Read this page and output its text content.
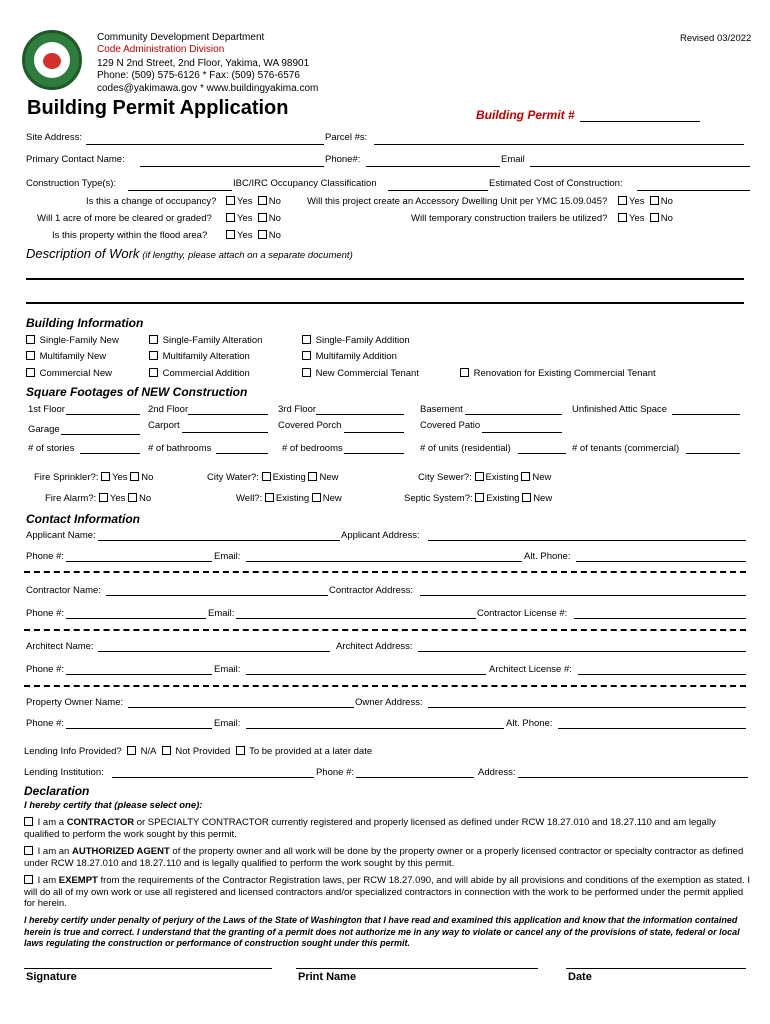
Community Development Department
Code Administration Division
129 N 2nd Street, 2nd Floor, Yakima, WA 98901
Phone: (509) 575-6126 * Fax: (509) 576-6576
codes@yakimawa.gov * www.buildingyakima.com
Revised 03/2022
Building Permit Application	Building Permit #
Site Address:	Parcel #s:
Primary Contact Name:	Phone#:	Email
Construction Type(s):	IBC/IRC Occupancy Classification	Estimated Cost of Construction:
Is this a change of occupancy?	Yes No	Will this project create an Accessory Dwelling Unit per YMC 15.09.045?	Yes No
Will 1 acre of more be cleared or graded?	Yes No	Will temporary construction trailers be utilized?	Yes No
Is this property within the flood area?	Yes No
Description of Work (if lengthy, please attach on a separate document)
Building Information
Single-Family New	Single-Family Alteration	Single-Family Addition
Multifamily New	Multifamily Alteration	Multifamily Addition
Commercial New	Commercial Addition	New Commercial Tenant	Renovation for Existing Commercial Tenant
Square Footages of NEW Construction
1st Floor	2nd Floor	3rd Floor	Basement	Unfinished Attic Space
Garage	Carport	Covered Porch	Covered Patio
# of stories	# of bathrooms	# of bedrooms	# of units (residential)	# of tenants (commercial)
Fire Sprinkler?: Yes No	City Water?: Existing New	City Sewer?: Existing New
Fire Alarm?: Yes No	Well?: Existing New	Septic System?: Existing New
Contact Information
Applicant Name:	Applicant Address:
Phone #:	Email:	Alt. Phone:
Contractor Name:	Contractor Address:
Phone #:	Email:	Contractor License #:
Architect Name:	Architect Address:
Phone #:	Email:	Architect License #:
Property Owner Name:	Owner Address:
Phone #:	Email:	Alt. Phone:
Lending Info Provided? N/A Not Provided To be provided at a later date
Lending Institution:	Phone #:	Address:
Declaration
I hereby certify that (please select one):
I am a CONTRACTOR or SPECIALTY CONTRACTOR currently registered and properly licensed as defined under RCW 18.27.010 and 18.27.110 and am legally qualified to perform the work sought by this permit.
I am an AUTHORIZED AGENT of the property owner and all work will be done by the property owner or a properly licensed contractor or specialty contractor as defined under RCW 18.27.010 and 18.27.110 and is legally qualified to perform the work sought by this permit.
I am EXEMPT from the requirements of the Contractor Registration laws, per RCW 18.27.090, and will abide by all provisions and conditions of the exemption as stated. I will do all of my own work or use all registered and licensed contractors and/or specialized contractors in connection with the work to be performed under the permit applied for herein.
I hereby certify under penalty of perjury of the Laws of the State of Washington that I have read and examined this application and know that the information contained herein is true and correct. I understand that the granting of a permit does not authorize me in any way to violate or cancel any of the provisions of state, federal or local laws regulating the construction or performance of construction sought under this permit.
Signature	Print Name	Date
